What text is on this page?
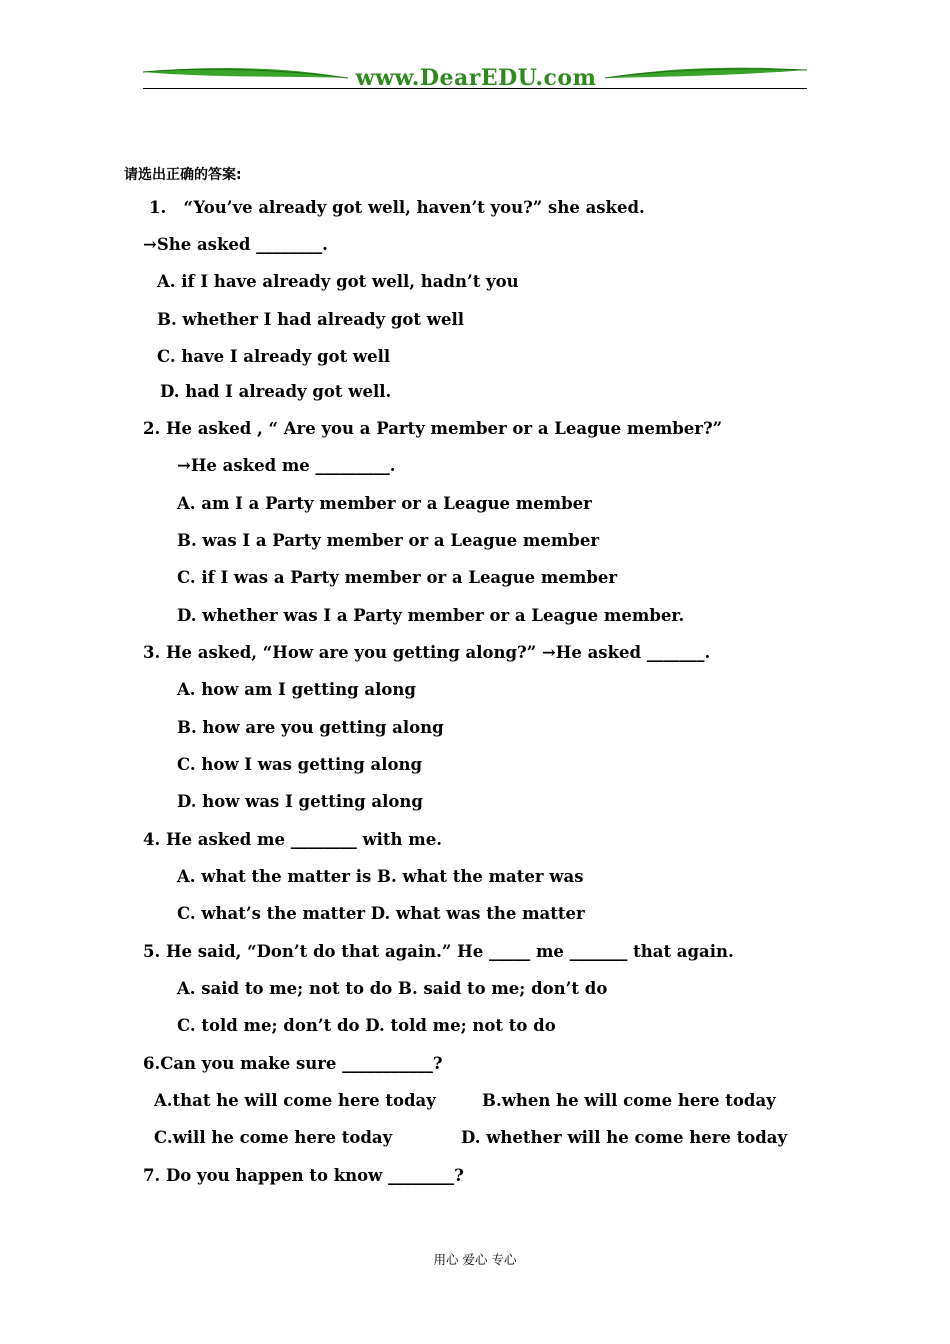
www.DearEDU.com
请选出正确的答案:
1.   “You’ve already got well, haven’t you?” she asked.
→She asked ________.
A. if I have already got well, hadn’t you
B. whether I had already got well
C. have I already got well
D. had I already got well.
2. He asked , “ Are you a Party member or a League member?”
→He asked me _________.
A. am I a Party member or a League member
B. was I a Party member or a League member
C. if I was a Party member or a League member
D. whether was I a Party member or a League member.
3. He asked, “How are you getting along?” →He asked _______.
A. how am I getting along
B. how are you getting along
C. how I was getting along
D. how was I getting along
4. He asked me ________ with me.
A. what the matter is B. what the mater was
C. what’s the matter D. what was the matter
5. He said, “Don’t do that again.” He _____ me _______ that again.
A. said to me; not to do B. said to me; don’t do
C. told me; don’t do D. told me; not to do
6.Can you make sure ___________?
A.that he will come here today	B.when he will come here today
C.will he come here today	D. whether will he come here today
7. Do you happen to know ________?
用心 爱心 专心
